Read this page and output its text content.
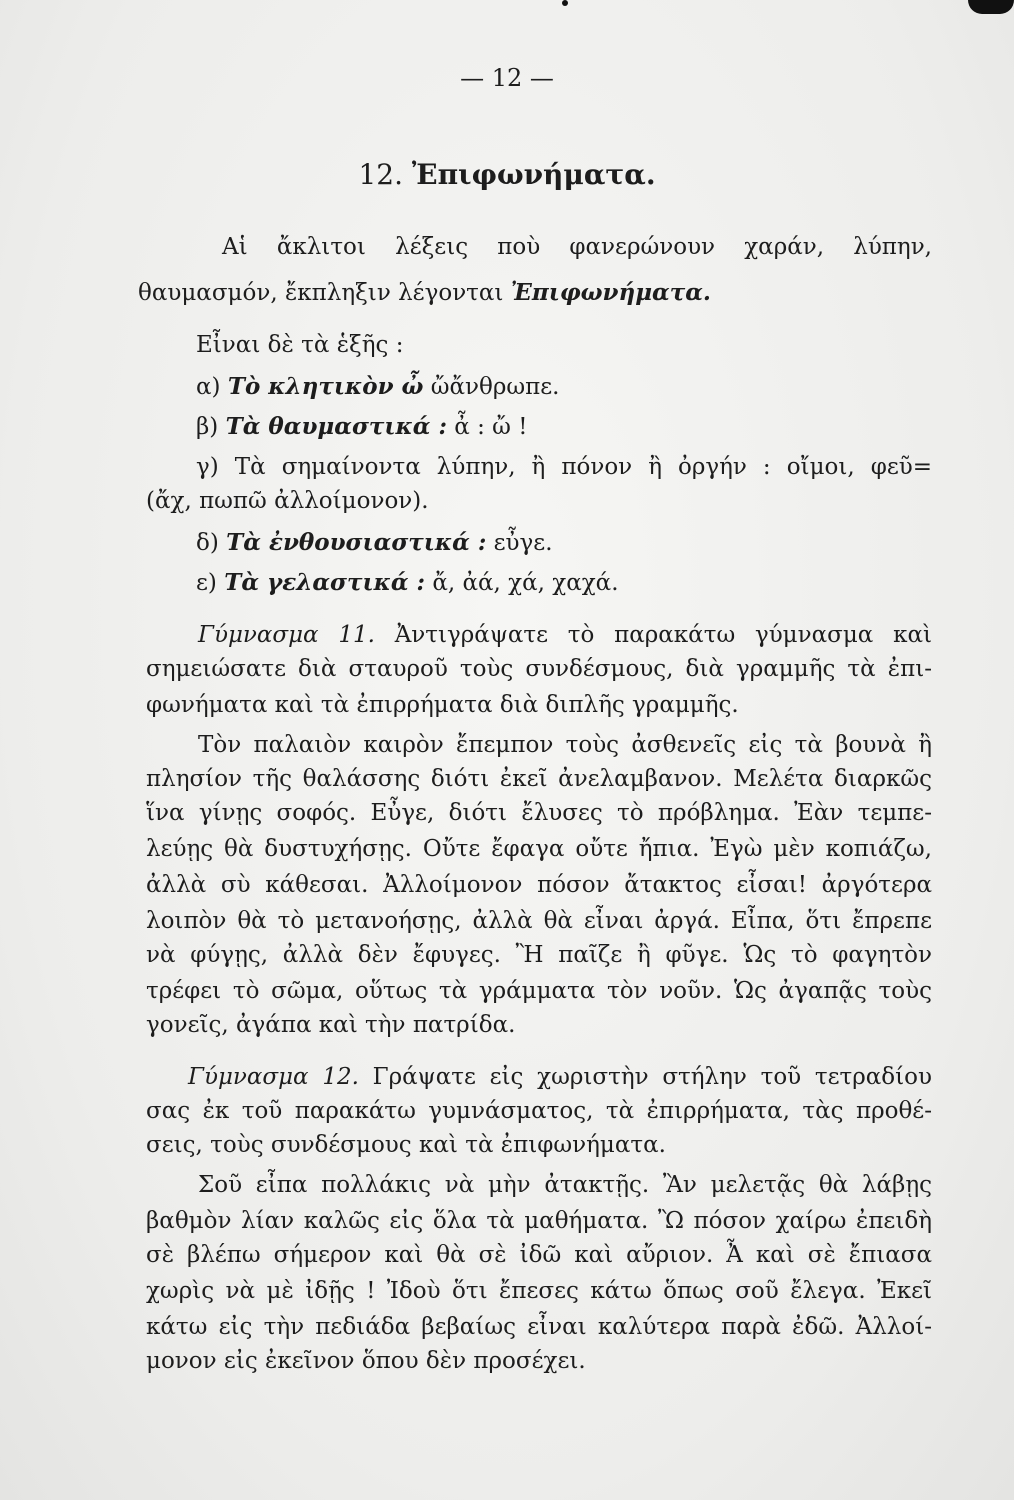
— 12 —
12. Ἐπιφωνήματα.
Αἱ ἄκλιτοι λέξεις ποὺ φανερώνουν χαράν, λύπην,
θαυμασμόν, ἔκπληξιν λέγονται Ἐπιφωνήματα.
Εἶναι δὲ τὰ ἑξῆς :
α) Τὸ κλητικὸν ὦ ὤἄνθρωπε.
β) Τὰ θαυμαστικά : ἆ : ὤ !
γ) Τὰ σημαίνοντα λύπην, ἢ πόνον ἢ ὀργήν : οἴμοι, φεῦ=
(ἄχ, πωπῶ ἀλλοίμονον).
δ) Τὰ ἐνθουσιαστικά : εὖγε.
ε) Τὰ γελαστικά : ἄ, ἀά, χά, χαχά.
Γύμνασμα 11. Ἀντιγράψατε τὸ παρακάτω γύμνασμα καὶ
σημειώσατε διὰ σταυροῦ τοὺς συνδέσμους, διὰ γραμμῆς τὰ ἐπι-
φωνήματα καὶ τὰ ἐπιρρήματα διὰ διπλῆς γραμμῆς.
Τὸν παλαιὸν καιρὸν ἔπεμπον τοὺς ἀσθενεῖς εἰς τὰ βουνὰ ἢ
πλησίον τῆς θαλάσσης διότι ἐκεῖ ἀνελαμβανον. Μελέτα διαρκῶς
ἵνα γίνῃς σοφός. Εὖγε, διότι ἔλυσες τὸ πρόβλημα. Ἐὰν τεμπε-
λεύῃς θὰ δυστυχήσῃς. Οὔτε ἔφαγα οὔτε ἤπια. Ἐγὼ μὲν κοπιάζω,
ἀλλὰ σὺ κάθεσαι. Ἀλλοίμονον πόσον ἄτακτος εἶσαι! ἀργότερα
λοιπὸν θὰ τὸ μετανοήσῃς, ἀλλὰ θὰ εἶναι ἀργά. Εἶπα, ὅτι ἔπρεπε
νὰ φύγῃς, ἀλλὰ δὲν ἔφυγες. Ἢ παῖζε ἢ φῦγε. Ὡς τὸ φαγητὸν
τρέφει τὸ σῶμα, οὕτως τὰ γράμματα τὸν νοῦν. Ὡς ἀγαπᾷς τοὺς
γονεῖς, ἀγάπα καὶ τὴν πατρίδα.
Γύμνασμα 12. Γράψατε εἰς χωριστὴν στήλην τοῦ τετραδίου
σας ἐκ τοῦ παρακάτω γυμνάσματος, τὰ ἐπιρρήματα, τὰς προθέ-
σεις, τοὺς συνδέσμους καὶ τὰ ἐπιφωνήματα.
Σοῦ εἶπα πολλάκις νὰ μὴν ἀτακτῇς. Ἂν μελετᾷς θὰ λάβῃς
βαθμὸν λίαν καλῶς εἰς ὅλα τὰ μαθήματα. Ὢ πόσον χαίρω ἐπειδὴ
σὲ βλέπω σήμερον καὶ θὰ σὲ ἰδῶ καὶ αὔριον. Ἆ καὶ σὲ ἔπιασα
χωρὶς νὰ μὲ ἰδῇς ! Ἰδοὺ ὅτι ἔπεσες κάτω ὅπως σοῦ ἔλεγα. Ἐκεῖ
κάτω εἰς τὴν πεδιάδα βεβαίως εἶναι καλύτερα παρὰ ἐδῶ. Ἀλλοί-
μονον εἰς ἐκεῖνον ὅπου δὲν προσέχει.
